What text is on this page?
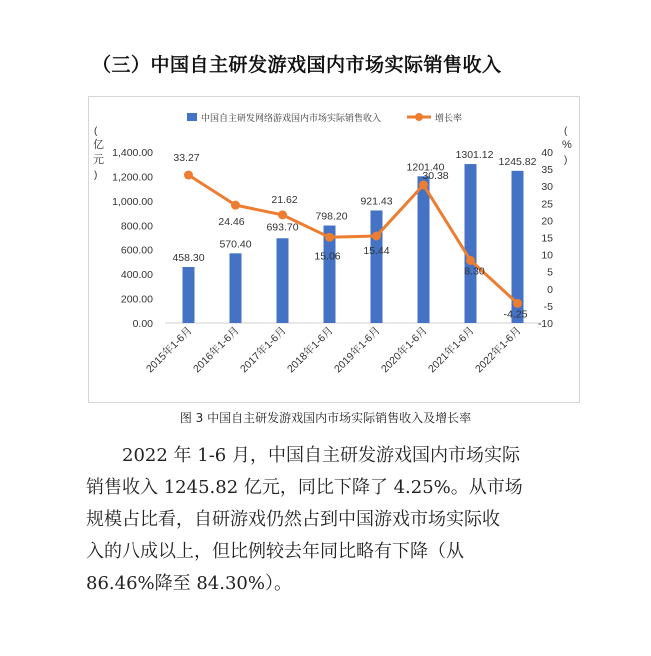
（三）中国自主研发游戏国内市场实际销售收入
中国自主研发网络游戏国内市场实际销售收入	增长率
(
亿
元
)
(
%
)
0.00
200.00
400.00
600.00
800.00
1,000.00
1,200.00
1,400.00
-10
-5
0
5
10
15
20
25
30
35
40
458.30
570.40
693.70
798.20
921.43
1201.40
1301.12
1245.82
33.27
24.46
21.62
15.06 15.44
30.38
8.30
-4.25
2015年1-6月
2016年1-6月
2017年1-6月
2018年1-6月
2019年1-6月
2020年1-6月
2021年1-6月
2022年1-6月
图 3 中国自主研发游戏国内市场实际销售收入及增长率

2022 年 1-6 月，中国自主研发游戏国内市场实际

销售收入 1245.82 亿元，同比下降了 4.25%。从市场

规模占比看，自研游戏仍然占到中国游戏市场实际收

入的八成以上，但比例较去年同比略有下降（从

86.46%降至 84.30%）。
